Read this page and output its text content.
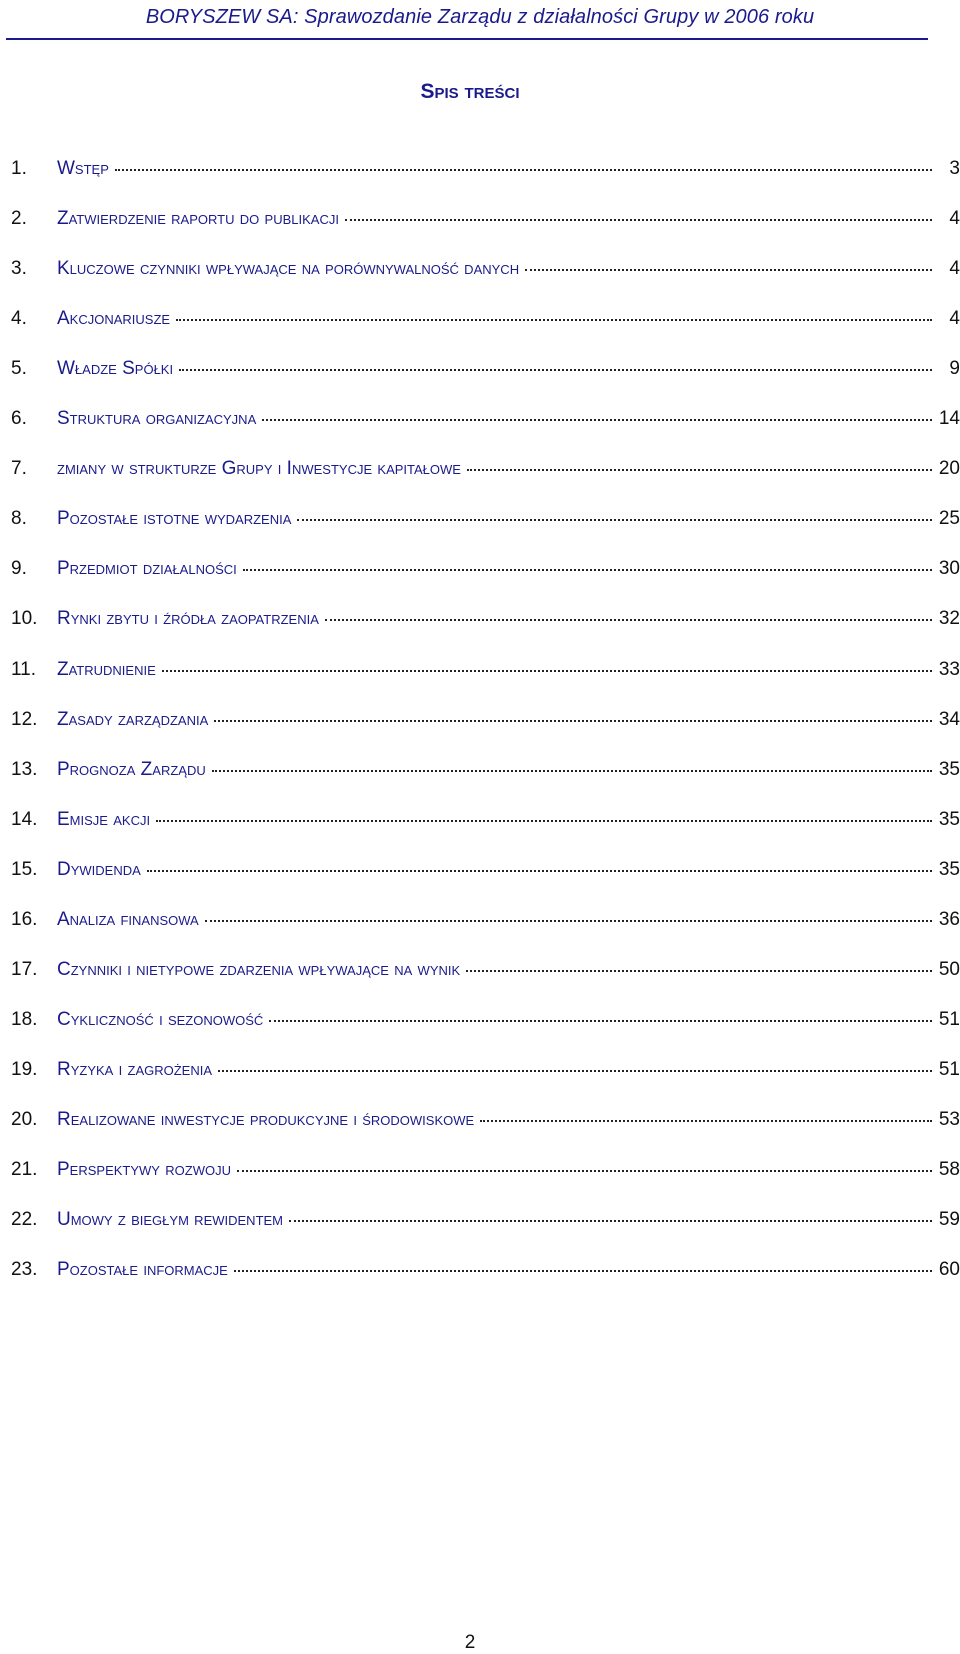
BORYSZEW SA: Sprawozdanie Zarządu z działalności Grupy w 2006 roku
Spis treści
1.	Wstęp	3
2.	Zatwierdzenie raportu do publikacji	4
3.	Kluczowe czynniki wpływające na porównywalność danych	4
4.	Akcjonariusze	4
5.	Władze Spółki	9
6.	Struktura organizacyjna	14
7.	zmiany w strukturze Grupy i Inwestycje kapitałowe	20
8.	Pozostałe istotne wydarzenia	25
9.	Przedmiot działalności	30
10.	Rynki zbytu i źródła zaopatrzenia	32
11.	Zatrudnienie	33
12.	Zasady zarządzania	34
13.	Prognoza Zarządu	35
14.	Emisje akcji	35
15.	Dywidenda	35
16.	Analiza finansowa	36
17.	Czynniki i nietypowe zdarzenia wpływające na wynik	50
18.	Cykliczność i sezonowość	51
19.	Ryzyka i zagrożenia	51
20.	Realizowane inwestycje produkcyjne i środowiskowe	53
21.	Perspektywy rozwoju	58
22.	Umowy z biegłym rewidentem	59
23.	Pozostałe informacje	60
2
